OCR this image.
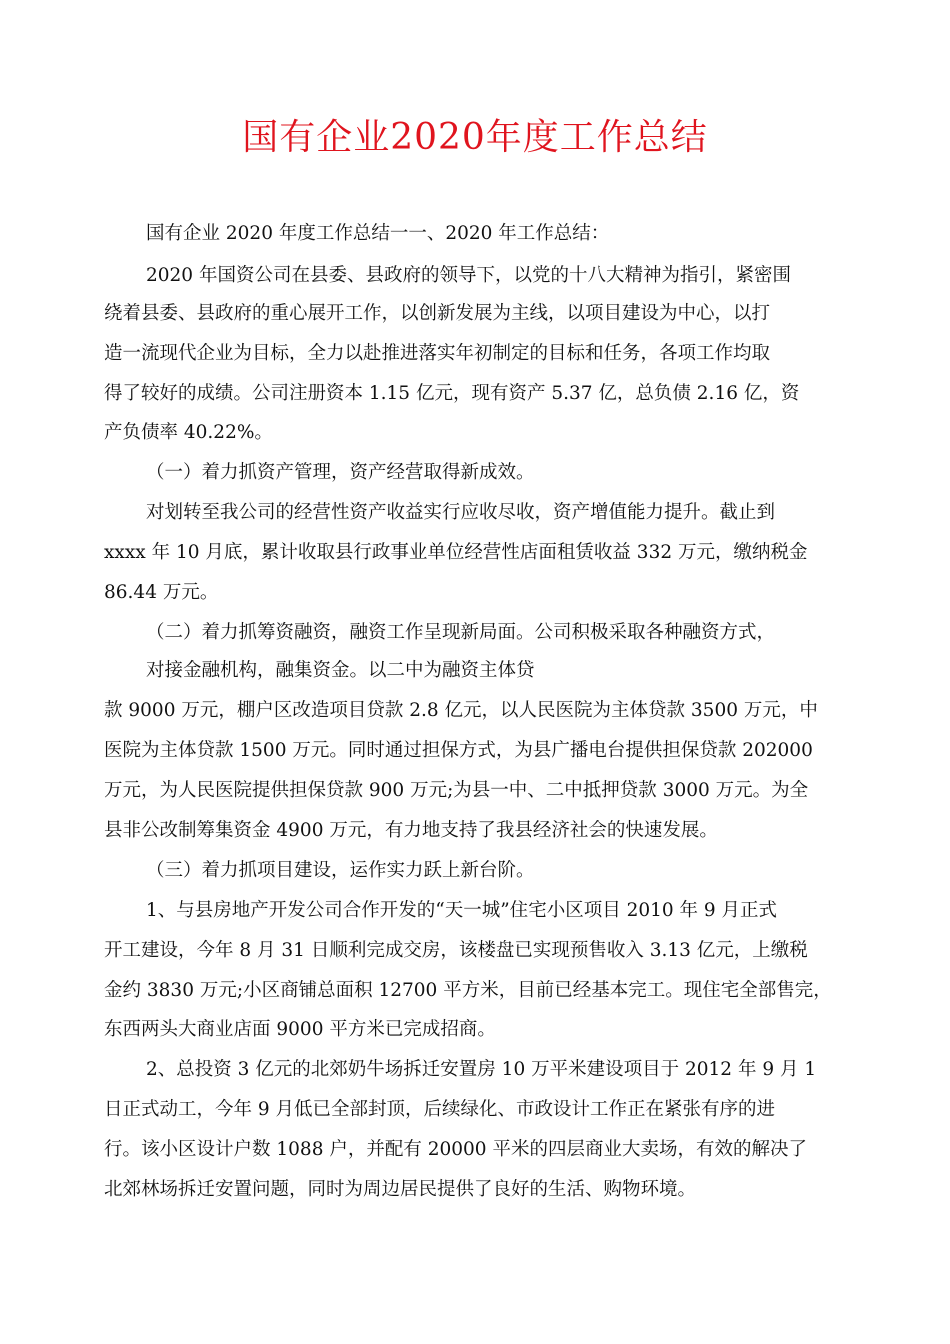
国有企业2020年度工作总结
国有企业 2020 年度工作总结一一、2020 年工作总结：
2020 年国资公司在县委、县政府的领导下，以党的十八大精神为指引，紧密围
绕着县委、县政府的重心展开工作，以创新发展为主线，以项目建设为中心，以打
造一流现代企业为目标，全力以赴推进落实年初制定的目标和任务，各项工作均取
得了较好的成绩。公司注册资本 1.15 亿元，现有资产 5.37 亿，总负债 2.16 亿，资
产负债率 40.22%。
（一）着力抓资产管理，资产经营取得新成效。
对划转至我公司的经营性资产收益实行应收尽收，资产增值能力提升。截止到
xxxx 年 10 月底，累计收取县行政事业单位经营性店面租赁收益 332 万元，缴纳税金
86.44 万元。
（二）着力抓筹资融资，融资工作呈现新局面。公司积极采取各种融资方式，
对接金融机构，融集资金。以二中为融资主体贷
款 9000 万元，棚户区改造项目贷款 2.8 亿元，以人民医院为主体贷款 3500 万元，中
医院为主体贷款 1500 万元。同时通过担保方式，为县广播电台提供担保贷款 202000
万元，为人民医院提供担保贷款 900 万元;为县一中、二中抵押贷款 3000 万元。为全
县非公改制筹集资金 4900 万元，有力地支持了我县经济社会的快速发展。
（三）着力抓项目建设，运作实力跃上新台阶。
1、与县房地产开发公司合作开发的“天一城”住宅小区项目 2010 年 9 月正式
开工建设，今年 8 月 31 日顺利完成交房，该楼盘已实现预售收入 3.13 亿元，上缴税
金约 3830 万元;小区商铺总面积 12700 平方米，目前已经基本完工。现住宅全部售完，
东西两头大商业店面 9000 平方米已完成招商。
2、总投资 3 亿元的北郊奶牛场拆迁安置房 10 万平米建设项目于 2012 年 9 月 1
日正式动工，今年 9 月低已全部封顶，后续绿化、市政设计工作正在紧张有序的进
行。该小区设计户数 1088 户，并配有 20000 平米的四层商业大卖场，有效的解决了
北郊林场拆迁安置问题，同时为周边居民提供了良好的生活、购物环境。
